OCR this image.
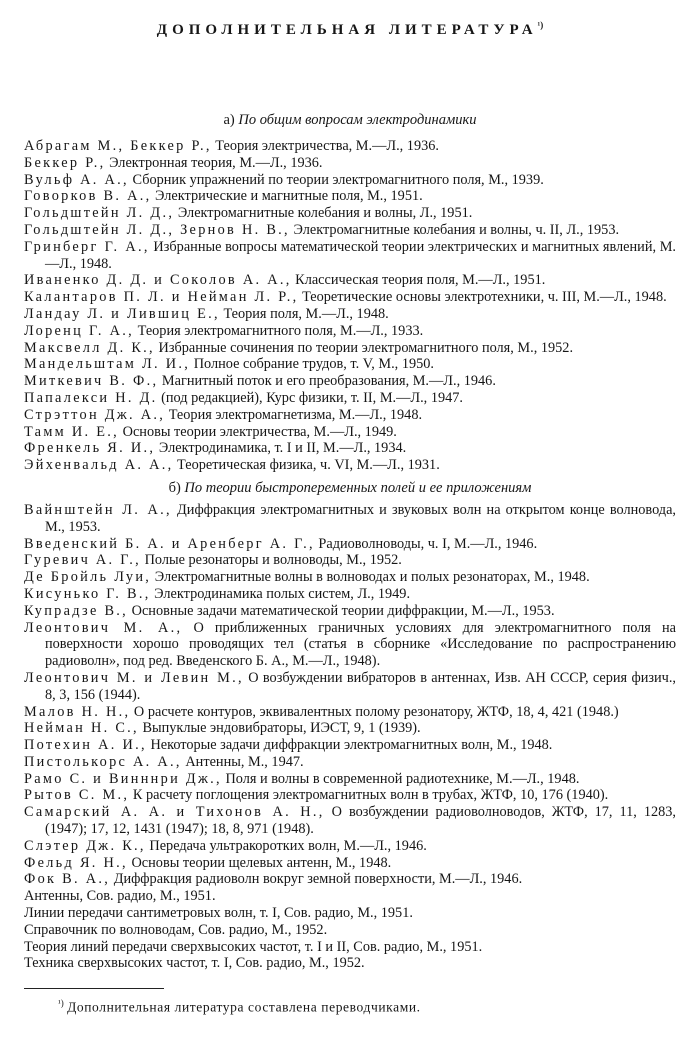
ДОПОЛНИТЕЛЬНАЯ $ЛИТЕРАТУРА^{^1)}$

а) По общим вопросам электродинамики

Абрагам М., Беккер Р., Теория электричества, М.—Л., 1936.

Беккер Р., Электронная теория, М.—Л., 1936.

Вульф А. А., Сборник упражнений по теории электромагнитного поля, М., 1939.

Говорков В. А., Электрические и магнитные поля, М., 1951.

Гольдштейн Л. Д., Электромагнитные колебания и волны, Л., 1951.

Гольдштейн Л. Д., Зернов Н. В., Электромагнитные колебания и волны, ч. II, Л., 1953.

Гринберг Г. А., Избранные вопросы математической теории электрических и магнитных явлений, М.—Л., 1948.

Иваненко Д. Д. и Соколов А. А., Классическая теория поля, М.—Л., 1951.

Калантаров П. Л. и Нейман Л. Р., Теоретические основы электротехники, ч. III, М.—Л., 1948.

Ландау Л. и Лившиц Е., Теория поля, М.—Л., 1948.

Лоренц Г. А., Теория электромагнитного поля, М.—Л., 1933.

Максвелл Д. К., Избранные сочинения по теории электромагнитного поля, М., 1952.

Мандельштам Л. И., Полное собрание трудов, т. V, М., 1950.

Миткевич В. Ф., Магнитный поток и его преобразования, М.—Л., 1946.

Папалекси Н. Д. (под редакцией), Курс физики, т. II, М.—Л., 1947.

Стрэттон Дж. А., Теория электромагнетизма, М.—Л., 1948.

Тамм И. Е., Основы теории электричества, М.—Л., 1949.

Френкель Я. И., Электродинамика, т. I и II, М.—Л., 1934.

Эйхенвальд А. А., Теоретическая физика, ч. VI, М.—Л., 1931.

б) По теории быстропеременных полей и ее приложениям

Вайнштейн Л. А., Диффракция электромагнитных и звуковых волн на открытом конце волновода, М., 1953.

Введенский Б. А. и Аренберг А. Г., Радиоволноводы, ч. I, М.—Л., 1946.

Гуревич А. Г., Полые резонаторы и волноводы, М., 1952.

Де Бройль Луи, Электромагнитные волны в волноводах и полых резонаторах, М., 1948.

Кисунько Г. В., Электродинамика полых систем, Л., 1949.

Купрадзе В., Основные задачи математической теории диффракции, М.—Л., 1953.

Леонтович М. А., О приближенных граничных условиях для электромагнитного поля на поверхности хорошо проводящих тел (статья в сборнике «Исследование по распространению радиоволн», под ред. Введенского Б. А., М.—Л., 1948).

Леонтович М. и Левин М., О возбуждении вибраторов в антеннах, Изв. АН СССР, серия физич., 8, 3, 156 (1944).

Малов Н. Н., О расчете контуров, эквивалентных полому резонатору, ЖТФ, 18, 4, 421 (1948.)

Нейман Н. С., Выпуклые эндовибраторы, ИЭСТ, 9, 1 (1939).

Потехин А. И., Некоторые задачи диффракции электромагнитных волн, М., 1948.

Пистолькорс А. А., Антенны, М., 1947.

Рамо С. и Винннри Дж., Поля и волны в современной радиотехнике, М.—Л., 1948.

Рытов С. М., К расчету поглощения электромагнитных волн в трубах, ЖТФ, 10, 176 (1940).

Самарский А. А. и Тихонов А. Н., О возбуждении радиоволноводов, ЖТФ, 17, 11, 1283, (1947); 17, 12, 1431 (1947); 18, 8, 971 (1948).

Слэтер Дж. К., Передача ультракоротких волн, М.—Л., 1946.

Фельд Я. Н., Основы теории щелевых антенн, М., 1948.

Фок В. А., Диффракция радиоволн вокруг земной поверхности, М.—Л., 1946.

Антенны, Сов. радио, М., 1951.

Линии передачи сантиметровых волн, т. I, Сов. радио, М., 1951.

Справочник по волноводам, Сов. радио, М., 1952.

Теория линий передачи сверхвысоких частот, т. I и II, Сов. радио, М., 1951.

Техника сверхвысоких частот, т. I, Сов. радио, М., 1952.

$^{^1)}$ Дополнительная литература составлена переводчиками.
